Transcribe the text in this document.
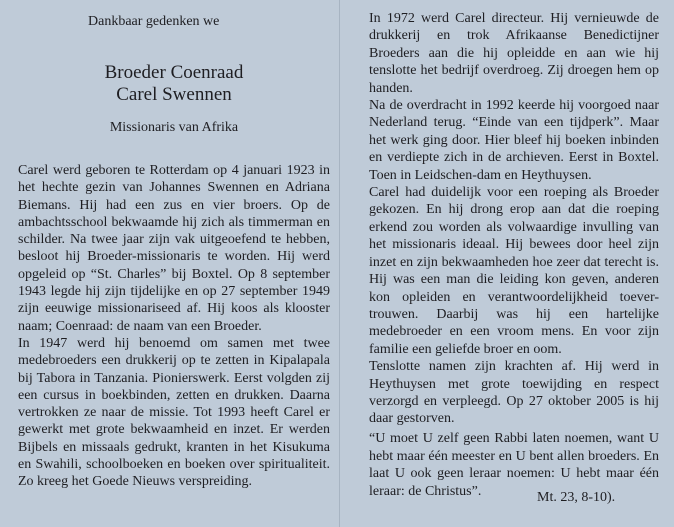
Dankbaar gedenken we
Broeder Coenraad
Carel Swennen
Missionaris van Afrika

Carel werd geboren te Rotterdam op 4 januari 1923 in het hechte gezin van Johannes Swennen en Adriana Biemans. Hij had een zus en vier broers. Op de ambachtsschool bekwaamde hij zich als timmerman en schilder. Na twee jaar zijn vak uitgeoefend te hebben, besloot hij Broeder-missionaris te worden. Hij werd opgeleid op “St. Charles” bij Boxtel. Op 8 september 1943 legde hij zijn tijdelijke en op 27 september 1949 zijn eeuwige missionariseed af. Hij koos als klooster naam; Coenraad: de naam van een Broeder.

In 1947 werd hij benoemd om samen met twee medebroeders een drukkerij op te zetten in Kipalapala bij Tabora in Tanzania. Pionierswerk. Eerst volgden zij een cursus in boekbinden, zetten en drukken. Daarna vertrokken ze naar de missie. Tot 1993 heeft Carel er gewerkt met grote bekwaamheid en inzet. Er werden Bijbels en missaals gedrukt, kranten in het Kisukuma en Swahili, schoolboeken en boeken over spiritualiteit. Zo kreeg het Goede Nieuws verspreiding.

In 1972 werd Carel directeur. Hij vernieuwde de drukkerij en trok Afrikaanse Benedictijner Broeders aan die hij opleidde en aan wie hij tenslotte het bedrijf overdroeg. Zij droegen hem op handen.

Na de overdracht in 1992 keerde hij voorgoed naar Nederland terug. “Einde van een tijdperk”. Maar het werk ging door. Hier bleef hij boeken inbinden en verdiepte zich in de archieven. Eerst in Boxtel. Toen in Leidschen-dam en Heythuysen.

Carel had duidelijk voor een roeping als Broeder gekozen. En hij drong erop aan dat die roeping erkend zou worden als volwaardige invulling van het missionaris ideaal. Hij bewees door heel zijn inzet en zijn bekwaamheden hoe zeer dat terecht is. Hij was een man die leiding kon geven, anderen kon opleiden en verantwoordelijkheid toever-trouwen. Daarbij was hij een hartelijke medebroeder en een vroom mens. En voor zijn familie een geliefde broer en oom.

Tenslotte namen zijn krachten af. Hij werd in Heythuysen met grote toewijding en respect verzorgd en verpleegd. Op 27 oktober 2005 is hij daar gestorven.

“U moet U zelf geen Rabbi laten noemen, want U hebt maar één meester en U bent allen broeders. En laat U ook geen leraar noemen: U hebt maar één leraar: de Christus”.	Mt. 23, 8-10).
